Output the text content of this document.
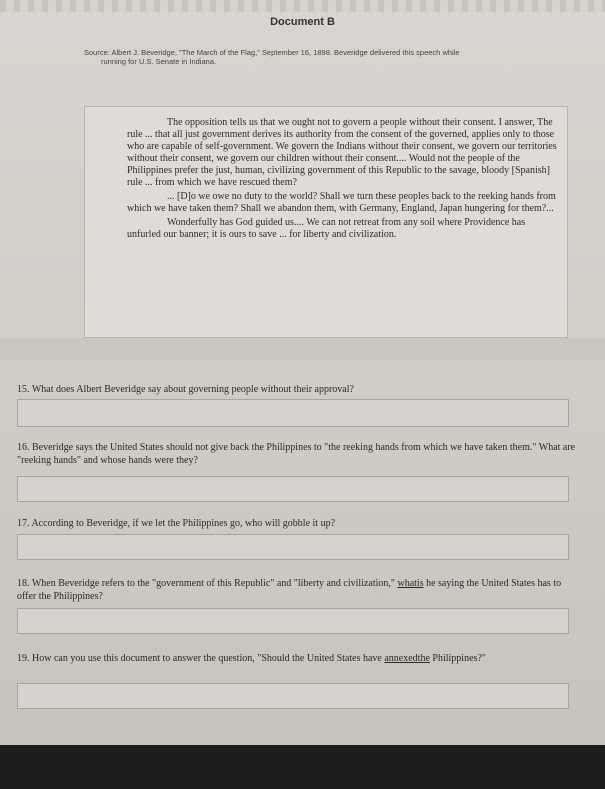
Document B
Source: Albert J. Beveridge, "The March of the Flag," September 16, 1898. Beveridge delivered this speech while
running for U.S. Senate in Indiana.

The opposition tells us that we ought not to govern a people without their consent. I answer, The rule ... that all just government derives its authority from the consent of the governed, applies only to those who are capable of self-government. We govern the Indians without their consent, we govern our territories without their consent, we govern our children without their consent.... Would not the people of the Philippines prefer the just, human, civilizing government of this Republic to the savage, bloody [Spanish] rule ... from which we have rescued them?

... [D]o we owe no duty to the world? Shall we turn these peoples back to the reeking hands from which we have taken them? Shall we abandon them, with Germany, England, Japan hungering for them?...

Wonderfully has God guided us.... We can not retreat from any soil where Providence has unfurled our banner; it is ours to save ... for liberty and civilization.

15. What does Albert Beveridge say about governing people without their approval?
16. Beveridge says the United States should not give back the Philippines to "the reeking hands from which we have taken them." What are "reeking hands" and whose hands were they?
17. According to Beveridge, if we let the Philippines go, who will gobble it up?
18. When Beveridge refers to the "government of this Republic" and "liberty and civilization," whatis he saying the United States has to offer the Philippines?
19. How can you use this document to answer the question, "Should the United States have annexedthe Philippines?"
